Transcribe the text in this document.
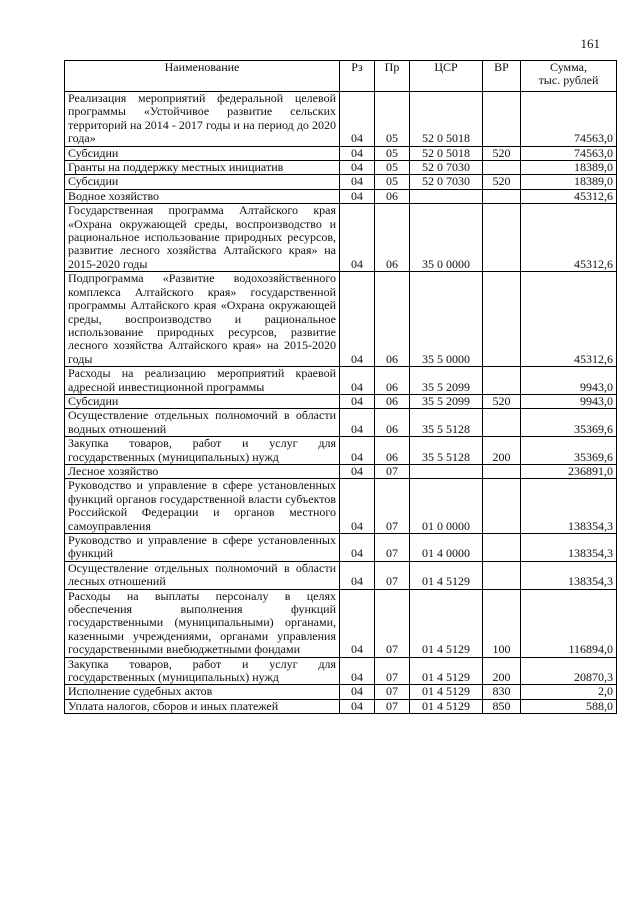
161
Наименование	Рз	Пр	ЦСР	ВР	Сумма,
тыс. рублей

Реализация мероприятий федеральной целевой программы «Устойчивое развитие сельских территорий на 2014 - 2017 годы и на период до 2020 года»	04	05	52 0 5018		74563,0
Субсидии	04	05	52 0 5018	520	74563,0
Гранты на поддержку местных инициатив	04	05	52 0 7030		18389,0
Субсидии	04	05	52 0 7030	520	18389,0
Водное хозяйство	04	06			45312,6
Государственная программа Алтайского края «Охрана окружающей среды, воспроизводство и рациональное использование природных ресурсов, развитие лесного хозяйства Алтайского края» на 2015-2020 годы	04	06	35 0 0000		45312,6
Подпрограмма «Развитие водохозяйственного комплекса Алтайского края» государственной программы Алтайского края «Охрана окружающей среды, воспроизводство и рациональное использование природных ресурсов, развитие лесного хозяйства Алтайского края» на 2015-2020 годы	04	06	35 5 0000		45312,6
Расходы на реализацию мероприятий краевой адресной инвестиционной программы	04	06	35 5 2099		9943,0
Субсидии	04	06	35 5 2099	520	9943,0
Осуществление отдельных полномочий в области водных отношений	04	06	35 5 5128		35369,6
Закупка товаров, работ и услуг для государственных (муниципальных) нужд	04	06	35 5 5128	200	35369,6
Лесное хозяйство	04	07			236891,0
Руководство и управление в сфере установленных функций органов государственной власти субъектов Российской Федерации и органов местного самоуправления	04	07	01 0 0000		138354,3
Руководство и управление в сфере установленных функций	04	07	01 4 0000		138354,3
Осуществление отдельных полномочий в области лесных отношений	04	07	01 4 5129		138354,3
Расходы на выплаты персоналу в целях обеспечения выполнения функций государственными (муниципальными) органами, казенными учреждениями, органами управления государственными внебюджетными фондами	04	07	01 4 5129	100	116894,0
Закупка товаров, работ и услуг для государственных (муниципальных) нужд	04	07	01 4 5129	200	20870,3
Исполнение судебных актов	04	07	01 4 5129	830	2,0
Уплата налогов, сборов и иных платежей	04	07	01 4 5129	850	588,0
